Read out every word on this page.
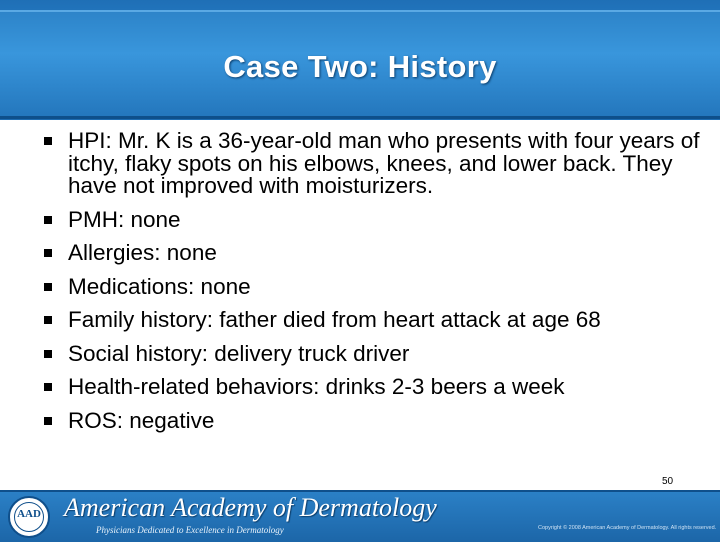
Case Two: History
HPI: Mr. K is a 36-year-old man who presents with four years of itchy, flaky spots on his elbows, knees, and lower back. They have not improved with moisturizers.
PMH: none
Allergies: none
Medications: none
Family history: father died from heart attack at age 68
Social history: delivery truck driver
Health-related behaviors: drinks 2-3 beers a week
ROS: negative
50
AAD American Academy of Dermatology
Physicians Dedicated to Excellence in Dermatology	Copyright © 2008 American Academy of Dermatology. All rights reserved.
